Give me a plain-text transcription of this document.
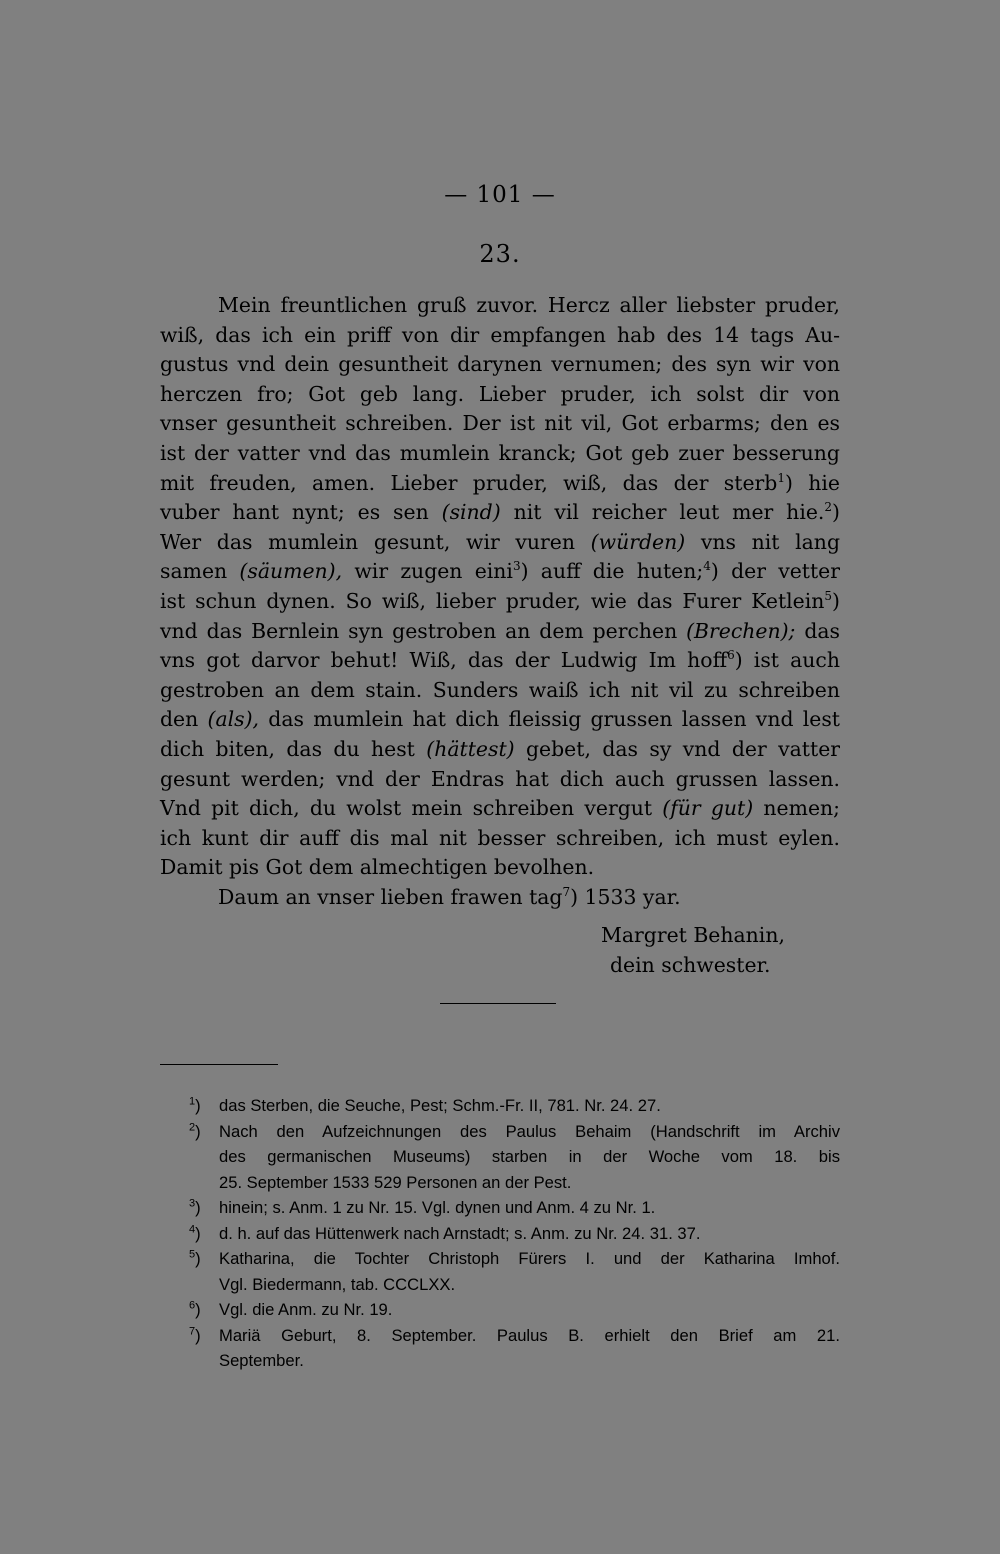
— 101 —
23.
Mein freuntlichen gruß zuvor. Hercz aller liebster pruder,
wiß, das ich ein priff von dir empfangen hab des 14 tags Au-
gustus vnd dein gesuntheit darynen vernumen; des syn wir von
herczen fro; Got geb lang. Lieber pruder, ich solst dir von
vnser gesuntheit schreiben. Der ist nit vil, Got erbarms; den es
ist der vatter vnd das mumlein kranck; Got geb zuer besserung
mit freuden, amen. Lieber pruder, wiß, das der sterb$^1$) hie
vuber hant nynt; es sen (sind) nit vil reicher leut mer hie.$^2$)
Wer das mumlein gesunt, wir vuren (würden) vns nit lang
samen (säumen), wir zugen eini$^3$) auff die huten;$^4$) der vetter
ist schun dynen. So wiß, lieber pruder, wie das Furer Ketlein$^5$)
vnd das Bernlein syn gestroben an dem perchen (Brechen); das
vns got darvor behut! Wiß, das der Ludwig Im hoff$^6$) ist auch
gestroben an dem stain. Sunders waiß ich nit vil zu schreiben
den (als), das mumlein hat dich fleissig grussen lassen vnd lest
dich biten, das du hest (hättest) gebet, das sy vnd der vatter
gesunt werden; vnd der Endras hat dich auch grussen lassen.
Vnd pit dich, du wolst mein schreiben vergut (für gut) nemen;
ich kunt dir auff dis mal nit besser schreiben, ich must eylen.
Damit pis Got dem almechtigen bevolhen.
Daum an vnser lieben frawen tag$^7$) 1533 yar.
Margret Behanin,
dein schwester.
$^1$) das Sterben, die Seuche, Pest; Schm.-Fr. II, 781. Nr. 24. 27.
$^2$) Nach den Aufzeichnungen des Paulus Behaim (Handschrift im Archiv
des germanischen Museums) starben in der Woche vom 18. bis
25. September 1533 529 Personen an der Pest.
$^3$) hinein; s. Anm. 1 zu Nr. 15. Vgl. dynen und Anm. 4 zu Nr. 1.
$^4$) d. h. auf das Hüttenwerk nach Arnstadt; s. Anm. zu Nr. 24. 31. 37.
$^5$) Katharina, die Tochter Christoph Fürers I. und der Katharina Imhof.
Vgl. Biedermann, tab. CCCLXX.
$^6$) Vgl. die Anm. zu Nr. 19.
$^7$) Mariä Geburt, 8. September. Paulus B. erhielt den Brief am 21.
September.
